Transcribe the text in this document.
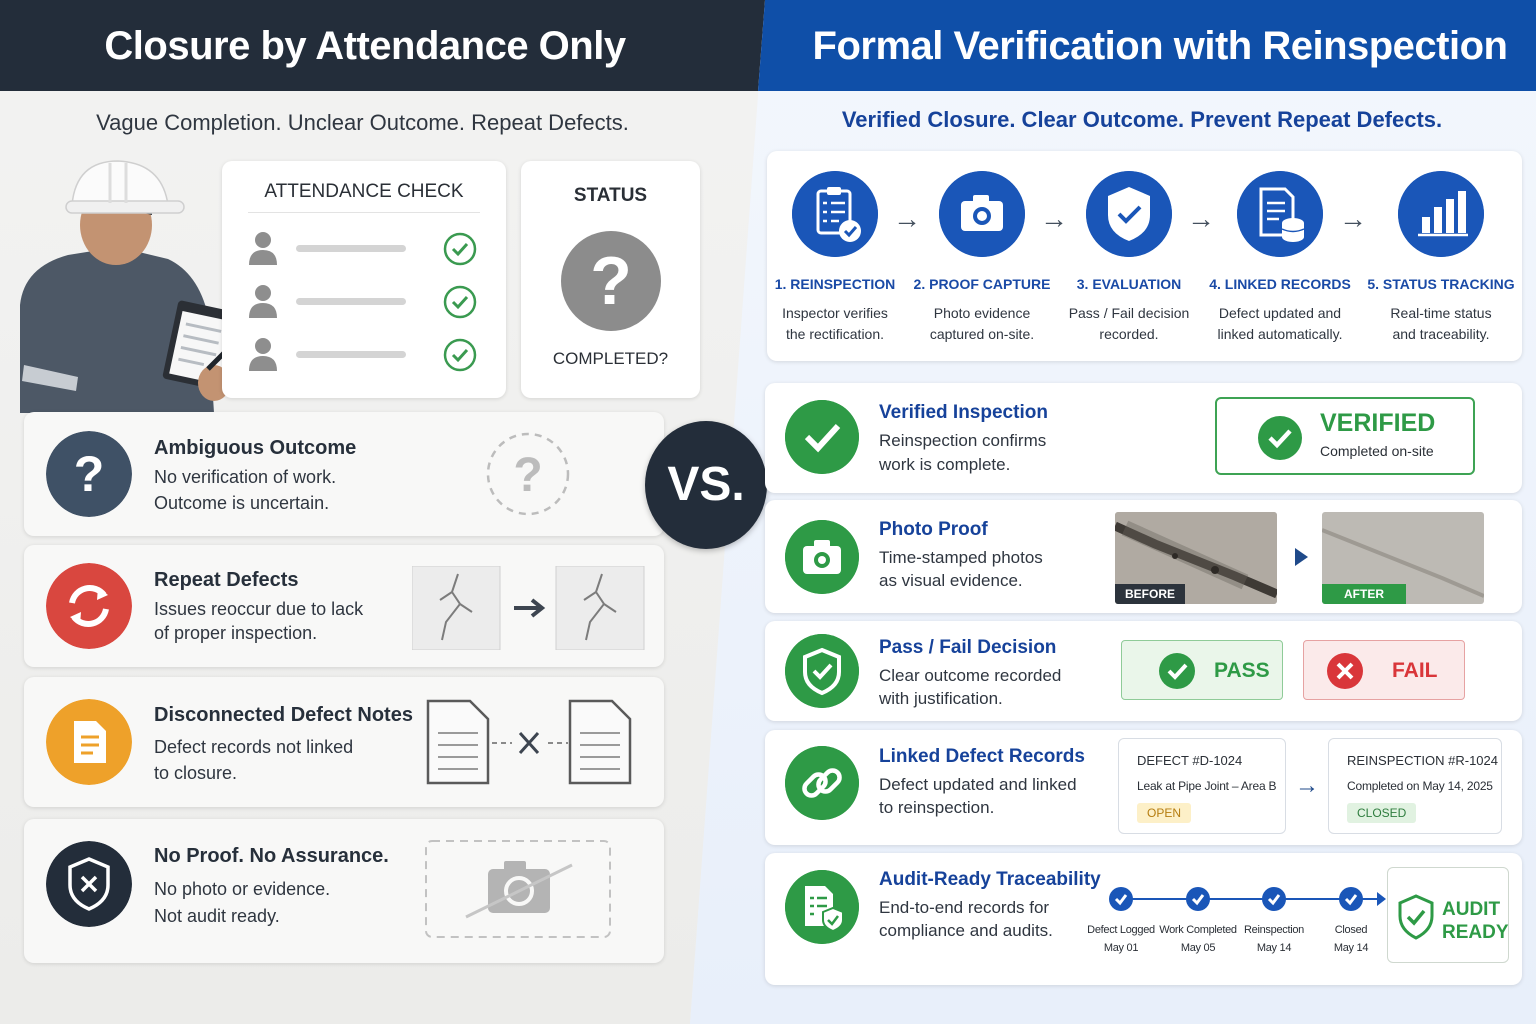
Closure by Attendance Only	Formal Verification with Reinspection
Vague Completion. Unclear Outcome. Repeat Defects.	Verified Closure. Clear Outcome. Prevent Repeat Defects.
ATTENDANCE CHECK	STATUS
?
COMPLETED?
? Ambiguous Outcome
No verification of work.
Outcome is uncertain.
?
Repeat Defects
Issues reoccur due to lack
of proper inspection.
Disconnected Defect Notes
Defect records not linked
to closure.
No Proof. No Assurance.
No photo or evidence.
Not audit ready.
VS.
1. REINSPECTION
Inspector verifies
the rectification.
→
2. PROOF CAPTURE
Photo evidence
captured on-site.
→
3. EVALUATION
Pass / Fail decision
recorded.
→
4. LINKED RECORDS
Defect updated and
linked automatically.
→
5. STATUS TRACKING
Real-time status
and traceability.
Verified Inspection
Reinspection confirms
work is complete.
VERIFIED
Completed on-site
Photo Proof
Time-stamped photos
as visual evidence.
BEFORE	AFTER
Pass / Fail Decision
Clear outcome recorded
with justification.
PASS	FAIL
Linked Defect Records
Defect updated and linked
to reinspection.
DEFECT #D-1024
Leak at Pipe Joint – Area B
OPEN
→
REINSPECTION #R-1024
Completed on May 14, 2025
CLOSED
Audit-Ready Traceability
End-to-end records for
compliance and audits.	Defect Logged
May 01
Work Completed
May 05
Reinspection
May 14
Closed
May 14
AUDIT
READY
